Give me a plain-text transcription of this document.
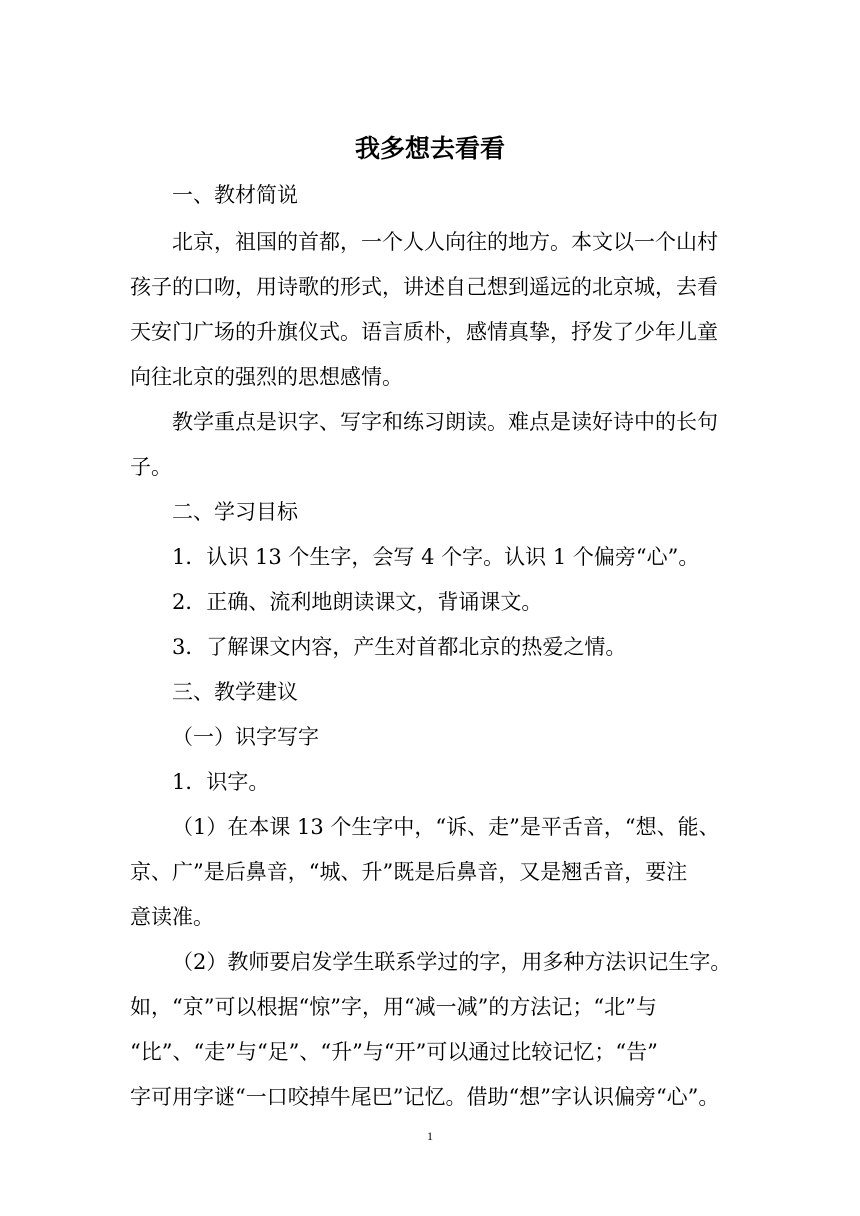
我多想去看看
一、教材简说
北京，祖国的首都，一个人人向往的地方。本文以一个山村
孩子的口吻，用诗歌的形式，讲述自己想到遥远的北京城，去看
天安门广场的升旗仪式。语言质朴，感情真挚，抒发了少年儿童
向往北京的强烈的思想感情。
教学重点是识字、写字和练习朗读。难点是读好诗中的长句
子。
二、学习目标
1．认识 13 个生字，会写 4 个字。认识 1 个偏旁“心”。
2．正确、流利地朗读课文，背诵课文。
3．了解课文内容，产生对首都北京的热爱之情。
三、教学建议
（一）识字写字
1．识字。
（1）在本课 13 个生字中，“诉、走”是平舌音，“想、能、
京、广”是后鼻音，“城、升”既是后鼻音，又是翘舌音，要注
意读准。
（2）教师要启发学生联系学过的字，用多种方法识记生字。
如，“京”可以根据“惊”字，用“减一减”的方法记；“北”与
“比”、“走”与“足”、“升”与“开”可以通过比较记忆；“告”
字可用字谜“一口咬掉牛尾巴”记忆。借助“想”字认识偏旁“心”。
1
